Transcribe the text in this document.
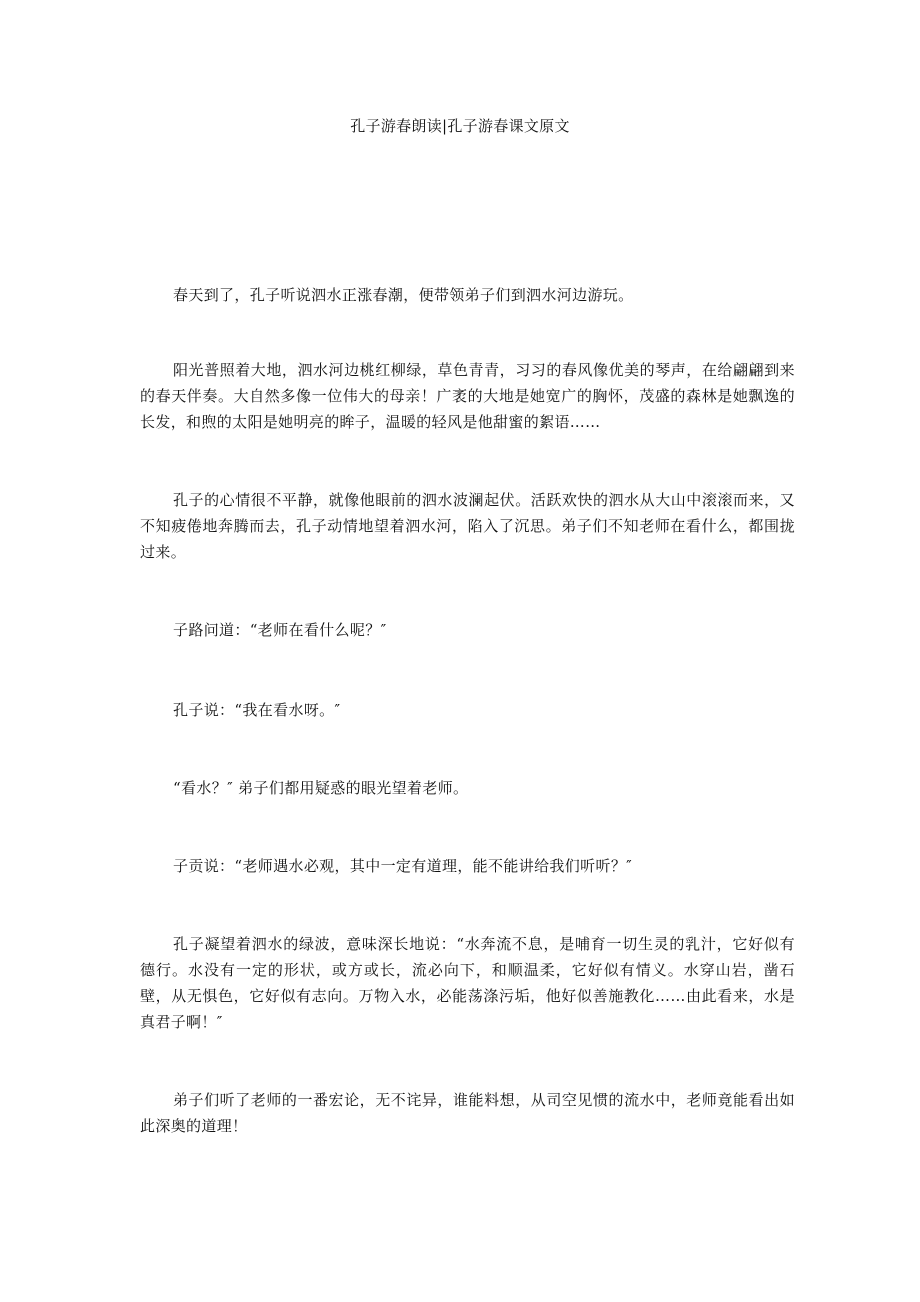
孔子游春朗读|孔子游春课文原文

春天到了，孔子听说泗水正涨春潮，便带领弟子们到泗水河边游玩。

阳光普照着大地，泗水河边桃红柳绿，草色青青，习习的春风像优美的琴声，在给翩翩到来的春天伴奏。大自然多像一位伟大的母亲！广袤的大地是她宽广的胸怀，茂盛的森林是她飘逸的长发，和煦的太阳是她明亮的眸子，温暖的轻风是他甜蜜的絮语……

孔子的心情很不平静，就像他眼前的泗水波澜起伏。活跃欢快的泗水从大山中滚滚而来，又不知疲倦地奔腾而去，孔子动情地望着泗水河，陷入了沉思。弟子们不知老师在看什么，都围拢过来。

子路问道：“老师在看什么呢？″

孔子说：“我在看水呀。″

“看水？″ 弟子们都用疑惑的眼光望着老师。

子贡说：“老师遇水必观，其中一定有道理，能不能讲给我们听听？″

孔子凝望着泗水的绿波，意味深长地说：“水奔流不息，是哺育一切生灵的乳汁，它好似有德行。水没有一定的形状，或方或长，流必向下，和顺温柔，它好似有情义。水穿山岩，凿石壁，从无惧色，它好似有志向。万物入水，必能荡涤污垢，他好似善施教化……由此看来，水是真君子啊！″

弟子们听了老师的一番宏论，无不诧异，谁能料想，从司空见惯的流水中，老师竟能看出如此深奥的道理！
